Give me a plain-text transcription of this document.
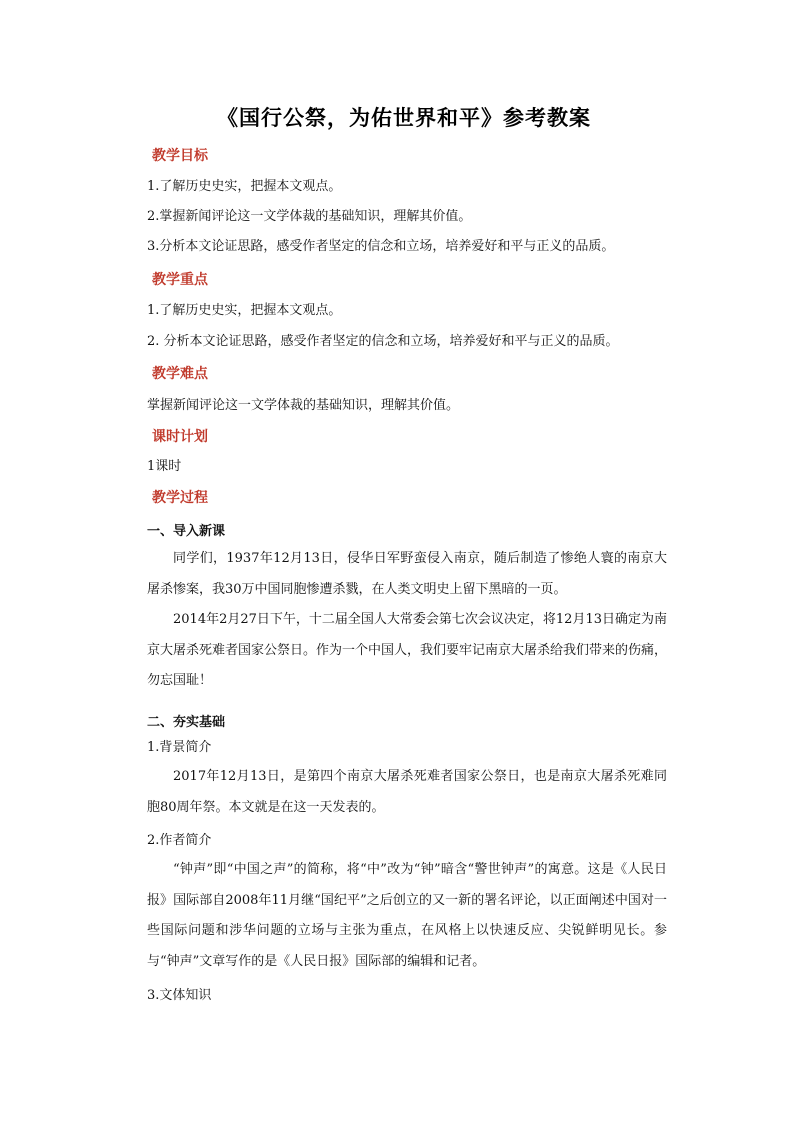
《国行公祭，为佑世界和平》参考教案
教学目标
1.了解历史史实，把握本文观点。
2.掌握新闻评论这一文学体裁的基础知识，理解其价值。
3.分析本文论证思路，感受作者坚定的信念和立场，培养爱好和平与正义的品质。
教学重点
1.了解历史史实，把握本文观点。
2. 分析本文论证思路，感受作者坚定的信念和立场，培养爱好和平与正义的品质。
教学难点
掌握新闻评论这一文学体裁的基础知识，理解其价值。
课时计划
1课时
教学过程
一、导入新课
同学们，1937年12月13日，侵华日军野蛮侵入南京，随后制造了惨绝人寰的南京大屠杀惨案，我30万中国同胞惨遭杀戮，在人类文明史上留下黑暗的一页。
2014年2月27日下午，十二届全国人大常委会第七次会议决定，将12月13日确定为南京大屠杀死难者国家公祭日。作为一个中国人，我们要牢记南京大屠杀给我们带来的伤痛，勿忘国耻！
二、夯实基础
1.背景简介
2017年12月13日，是第四个南京大屠杀死难者国家公祭日，也是南京大屠杀死难同胞80周年祭。本文就是在这一天发表的。
2.作者简介
“钟声”即“中国之声”的简称，将“中”改为“钟”暗含“警世钟声”的寓意。这是《人民日报》国际部自2008年11月继“国纪平”之后创立的又一新的署名评论，以正面阐述中国对一些国际问题和涉华问题的立场与主张为重点，在风格上以快速反应、尖锐鲜明见长。参与“钟声”文章写作的是《人民日报》国际部的编辑和记者。
3.文体知识
